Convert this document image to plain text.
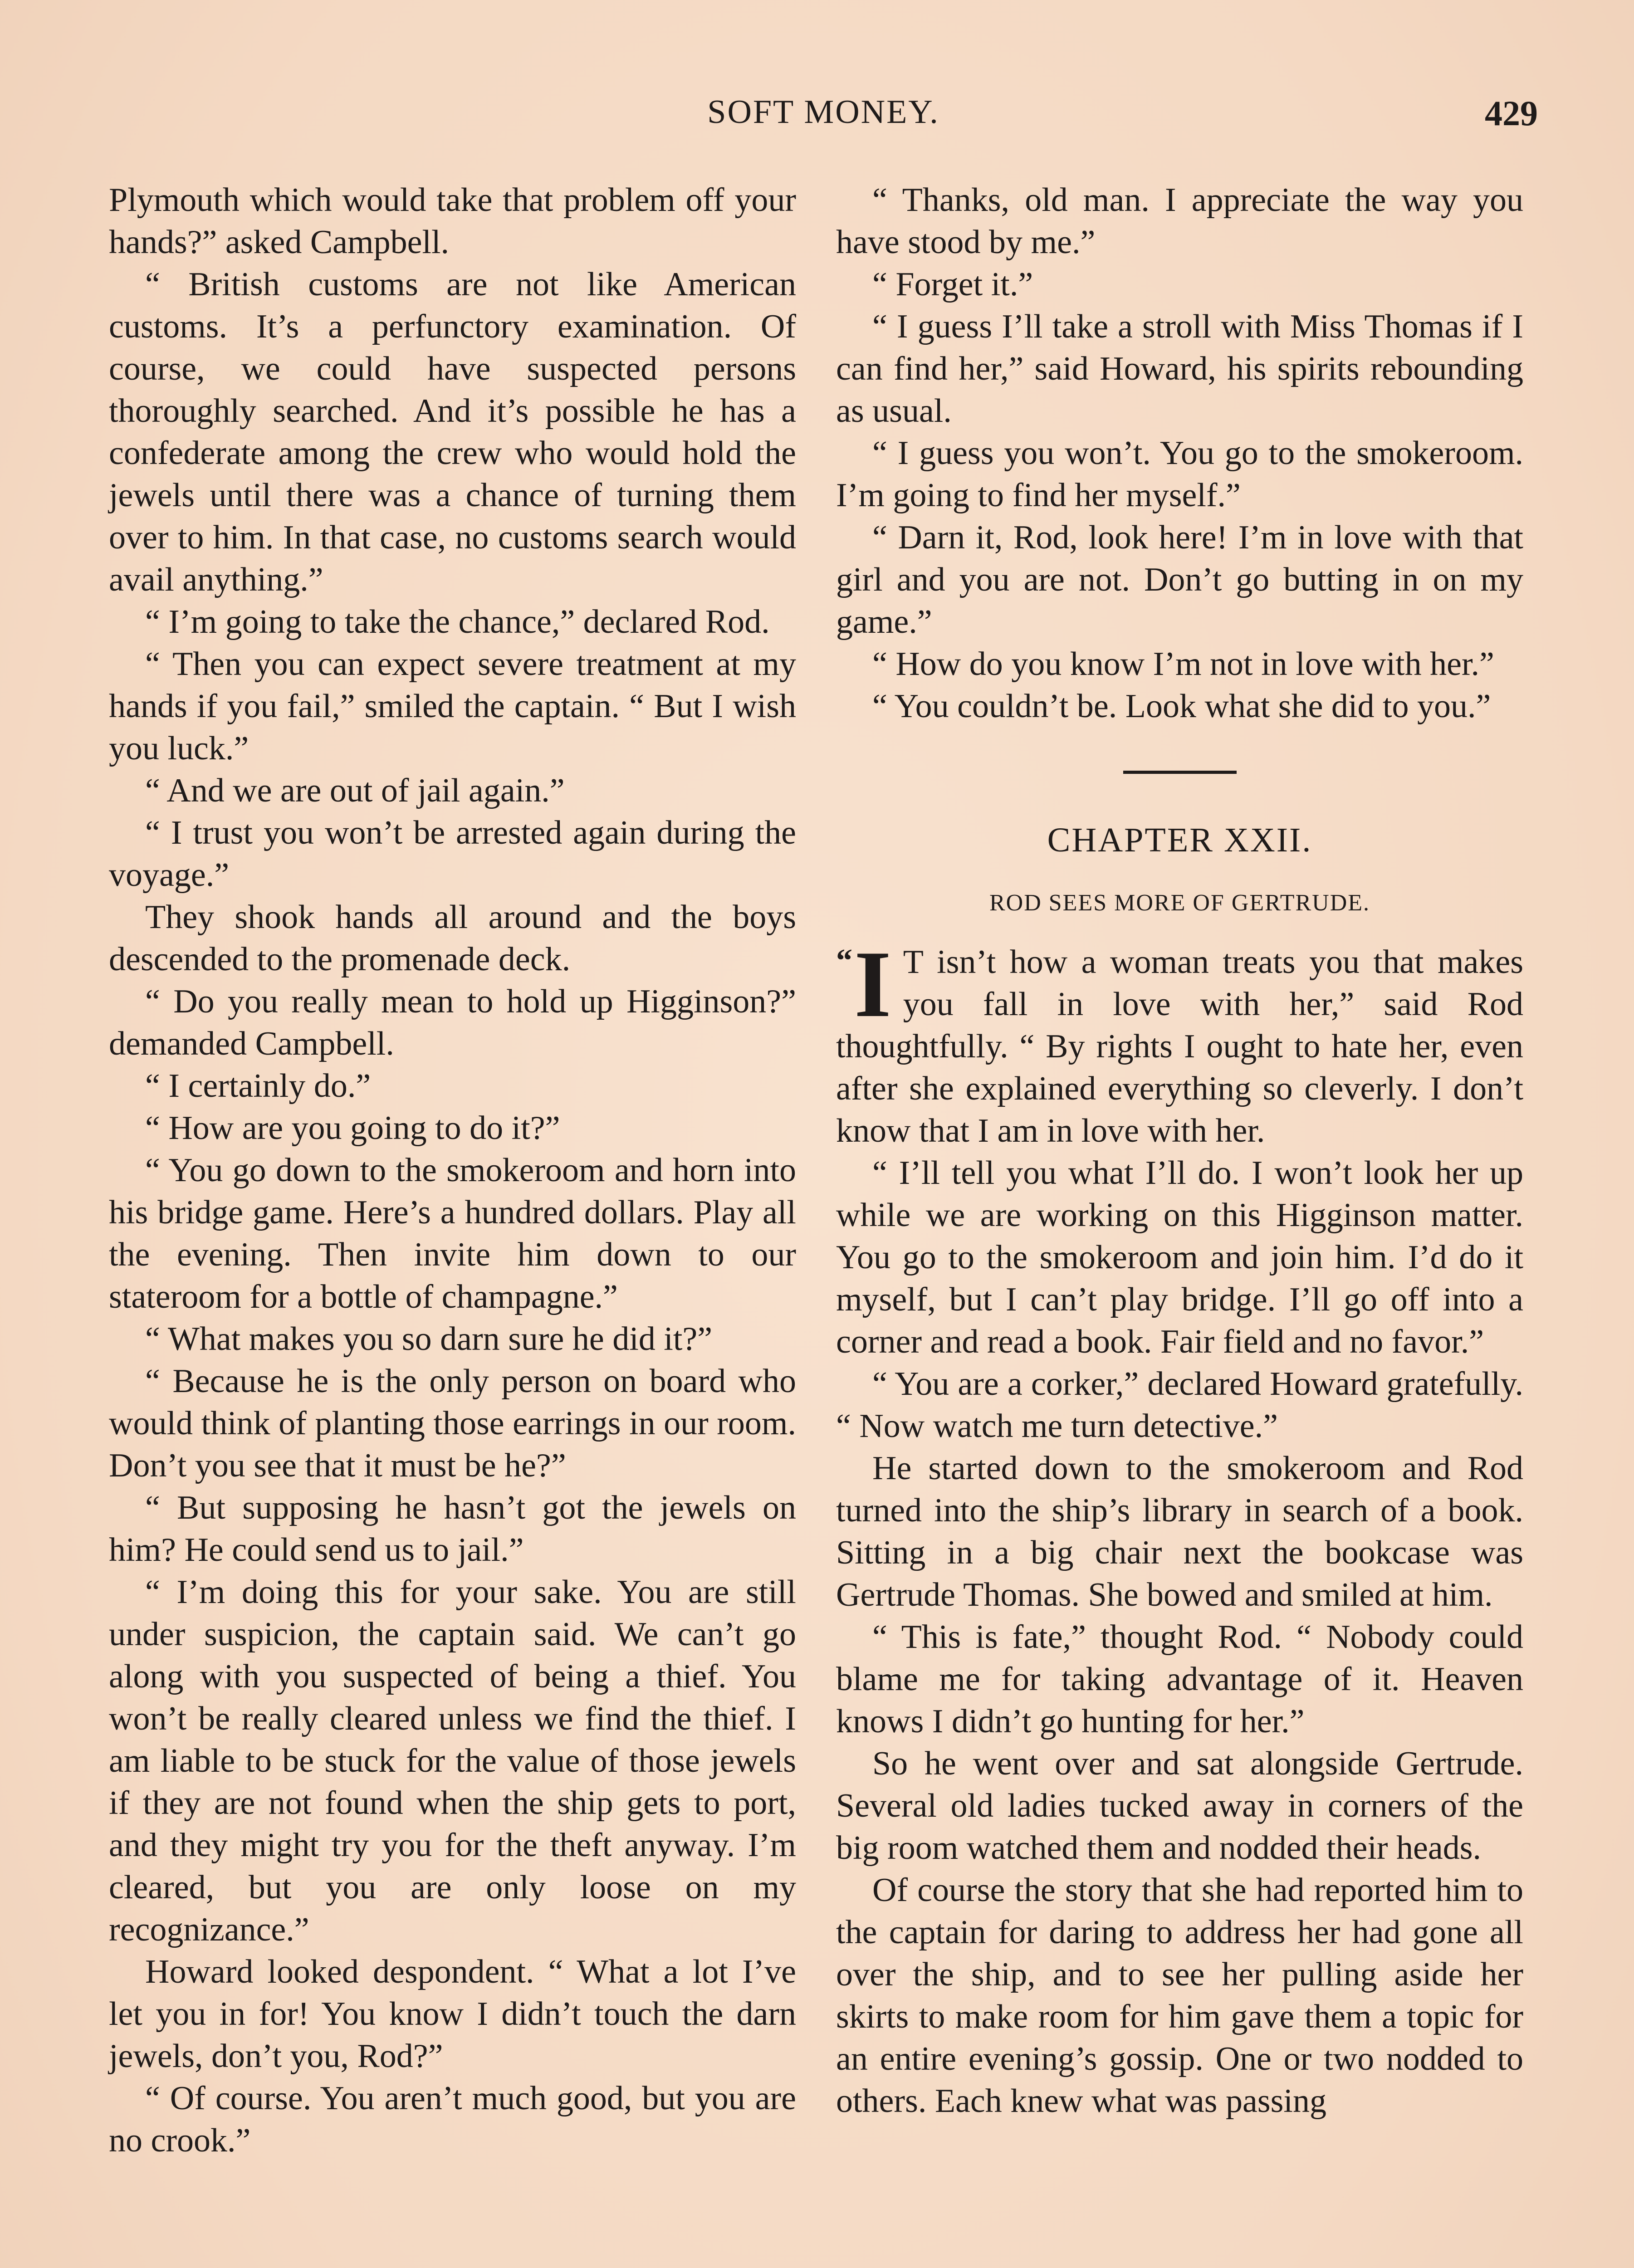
SOFT MONEY.	429

Plymouth which would take that problem off your hands?” asked Campbell.

“ British customs are not like American customs. It’s a perfunctory examination. Of course, we could have suspected persons thoroughly searched. And it’s possible he has a confederate among the crew who would hold the jewels until there was a chance of turning them over to him. In that case, no customs search would avail anything.”

“ I’m going to take the chance,” declared Rod.

“ Then you can expect severe treatment at my hands if you fail,” smiled the captain. “ But I wish you luck.”

“ And we are out of jail again.”

“ I trust you won’t be arrested again during the voyage.”

They shook hands all around and the boys descended to the promenade deck.

“ Do you really mean to hold up Higginson?” demanded Campbell.

“ I certainly do.”

“ How are you going to do it?”

“ You go down to the smokeroom and horn into his bridge game. Here’s a hundred dollars. Play all the evening. Then invite him down to our stateroom for a bottle of champagne.”

“ What makes you so darn sure he did it?”

“ Because he is the only person on board who would think of planting those earrings in our room. Don’t you see that it must be he?”

“ But supposing he hasn’t got the jewels on him? He could send us to jail.”

“ I’m doing this for your sake. You are still under suspicion, the captain said. We can’t go along with you suspected of being a thief. You won’t be really cleared unless we find the thief. I am liable to be stuck for the value of those jewels if they are not found when the ship gets to port, and they might try you for the theft anyway. I’m cleared, but you are only loose on my recognizance.”

Howard looked despondent. “ What a lot I’ve let you in for! You know I didn’t touch the darn jewels, don’t you, Rod?”

“ Of course. You aren’t much good, but you are no crook.”

“ Thanks, old man. I appreciate the way you have stood by me.”

“ Forget it.”

“ I guess I’ll take a stroll with Miss Thomas if I can find her,” said Howard, his spirits rebounding as usual.

“ I guess you won’t. You go to the smokeroom. I’m going to find her myself.”

“ Darn it, Rod, look here! I’m in love with that girl and you are not. Don’t go butting in on my game.”

“ How do you know I’m not in love with her.”

“ You couldn’t be. Look what she did to you.”

CHAPTER XXII.
ROD SEES MORE OF GERTRUDE.

“ I T isn’t how a woman treats you that makes you fall in love with her,” said Rod thoughtfully. “ By rights I ought to hate her, even after she explained everything so cleverly. I don’t know that I am in love with her.

“ I’ll tell you what I’ll do. I won’t look her up while we are working on this Higginson matter. You go to the smokeroom and join him. I’d do it myself, but I can’t play bridge. I’ll go off into a corner and read a book. Fair field and no favor.”

“ You are a corker,” declared Howard gratefully. “ Now watch me turn detective.”

He started down to the smokeroom and Rod turned into the ship’s library in search of a book. Sitting in a big chair next the bookcase was Gertrude Thomas. She bowed and smiled at him.

“ This is fate,” thought Rod. “ Nobody could blame me for taking advantage of it. Heaven knows I didn’t go hunting for her.”

So he went over and sat alongside Gertrude. Several old ladies tucked away in corners of the big room watched them and nodded their heads.

Of course the story that she had reported him to the captain for daring to address her had gone all over the ship, and to see her pulling aside her skirts to make room for him gave them a topic for an entire evening’s gossip. One or two nodded to others. Each knew what was passing
